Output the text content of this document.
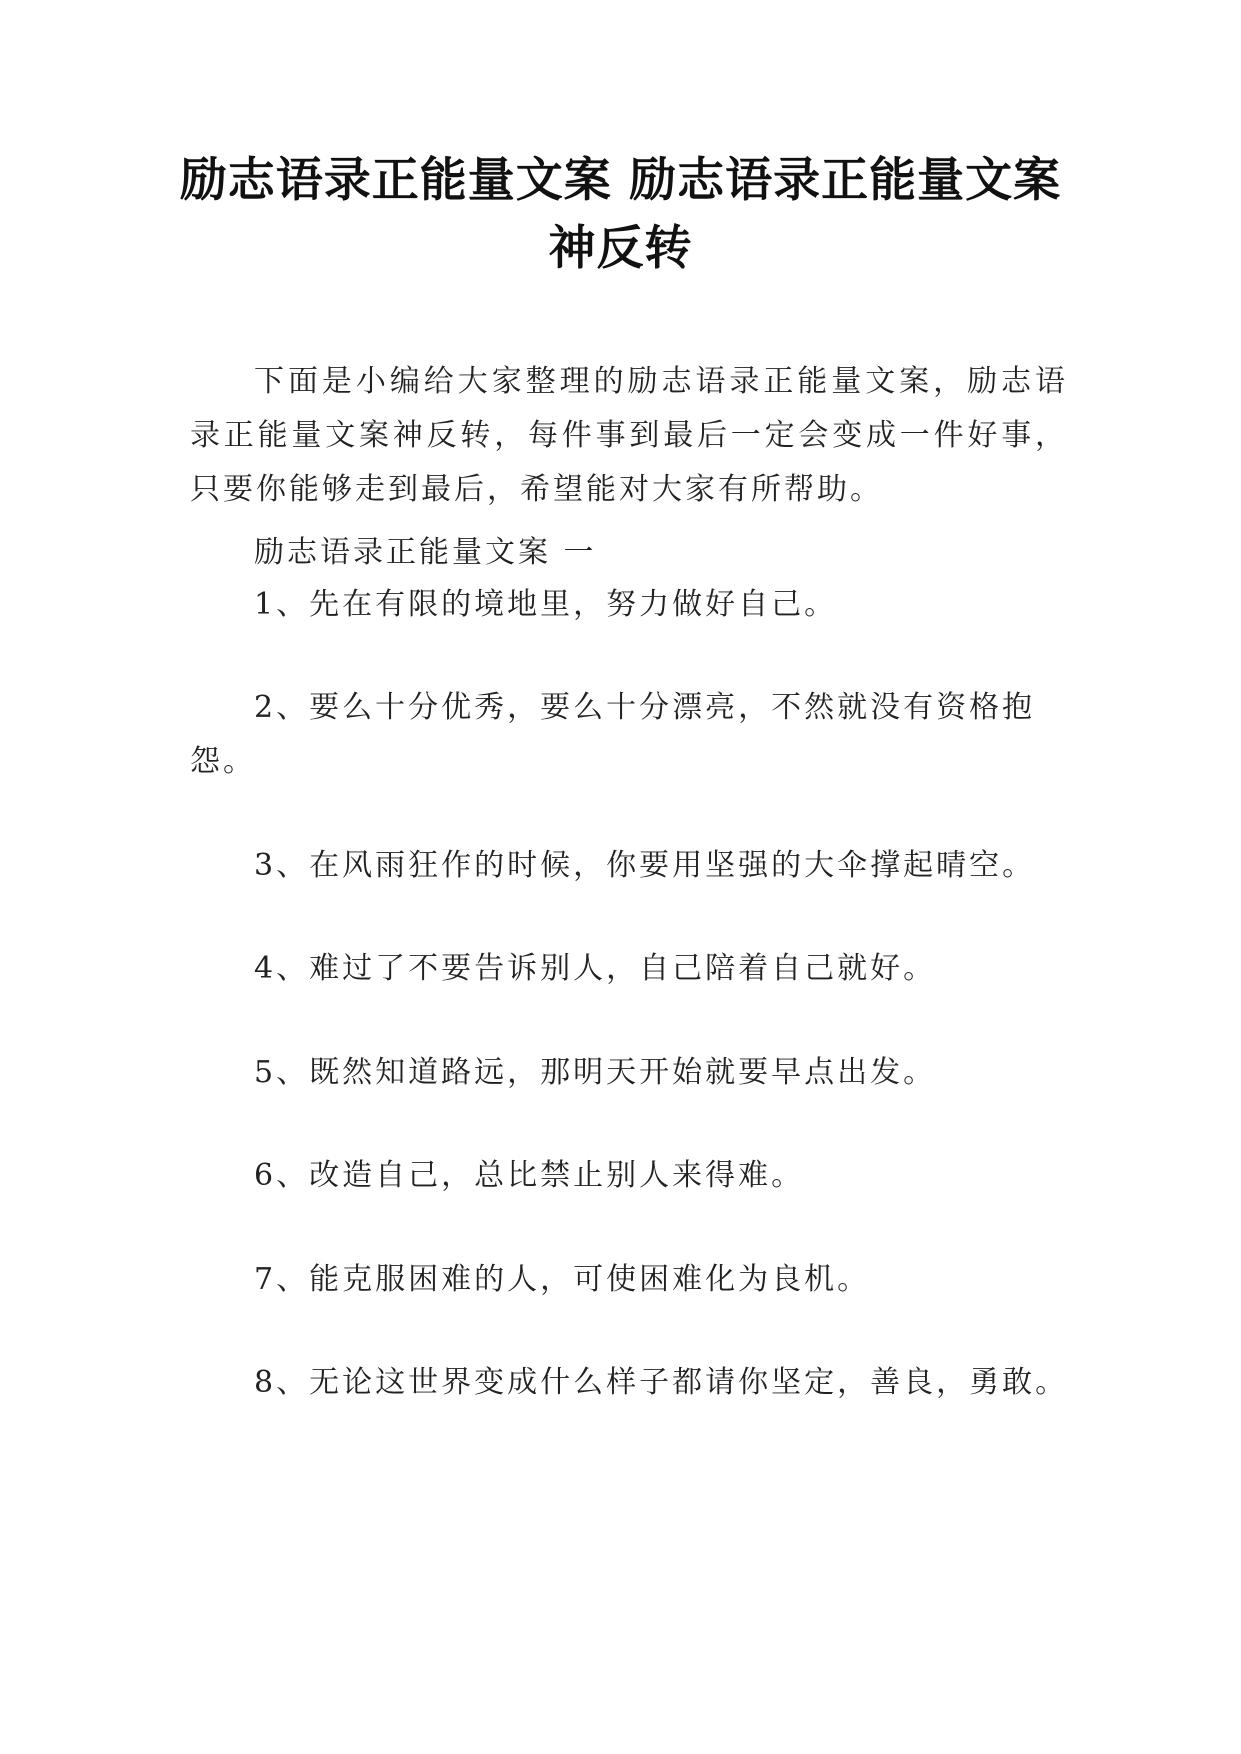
励志语录正能量文案 励志语录正能量文案
神反转

下面是小编给大家整理的励志语录正能量文案，励志语录正能量文案神反转，每件事到最后一定会变成一件好事，只要你能够走到最后，希望能对大家有所帮助。

励志语录正能量文案 一

1、先在有限的境地里，努力做好自己。

2、要么十分优秀，要么十分漂亮，不然就没有资格抱怨。

3、在风雨狂作的时候，你要用坚强的大伞撑起晴空。

4、难过了不要告诉别人，自己陪着自己就好。

5、既然知道路远，那明天开始就要早点出发。

6、改造自己，总比禁止别人来得难。

7、能克服困难的人，可使困难化为良机。

8、无论这世界变成什么样子都请你坚定，善良，勇敢。
